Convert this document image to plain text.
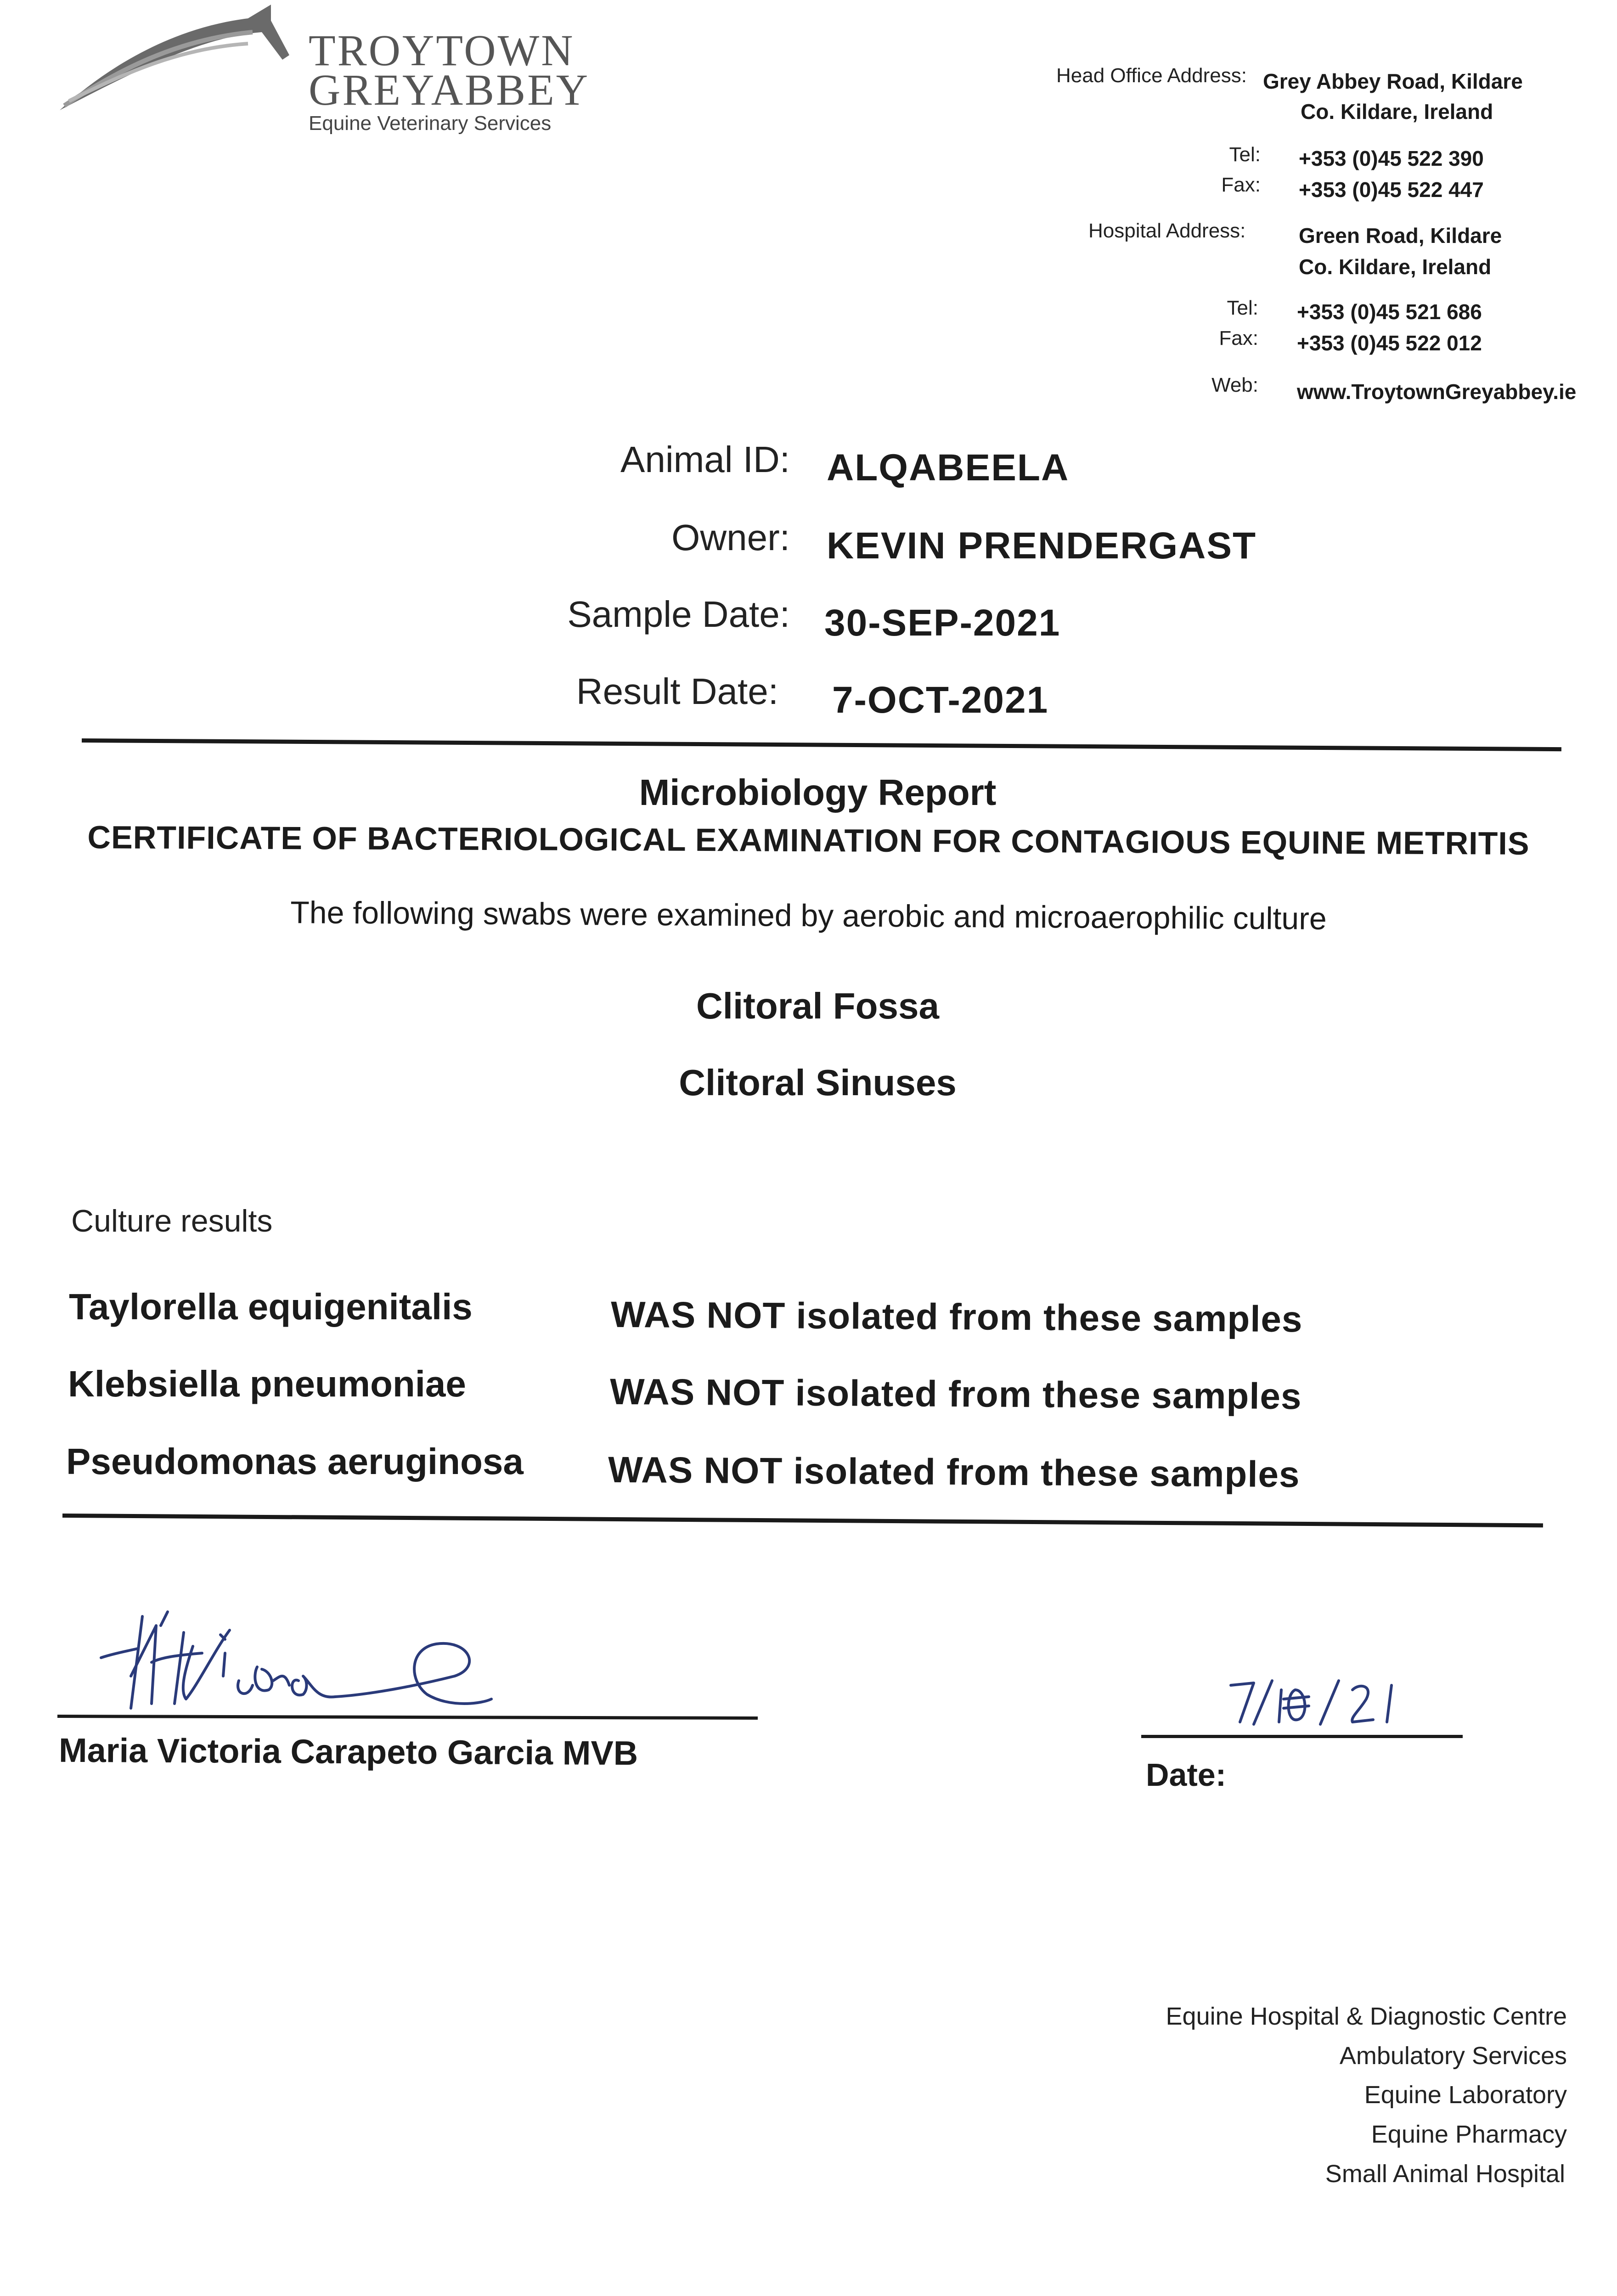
TROYTOWN
GREYABBEY
Equine Veterinary Services
Head Office Address: Grey Abbey Road, Kildare
Co. Kildare, Ireland
Tel: +353 (0)45 522 390
Fax: +353 (0)45 522 447
Hospital Address:	Green Road, Kildare
Co. Kildare, Ireland
Tel: +353 (0)45 521 686
Fax: +353 (0)45 522 012
Web: www.TroytownGreyabbey.ie
Animal ID: ALQABEELA
Owner: KEVIN PRENDERGAST
Sample Date: 30-SEP-2021
Result Date: 7-OCT-2021
Microbiology Report
CERTIFICATE OF BACTERIOLOGICAL EXAMINATION FOR CONTAGIOUS EQUINE METRITIS
The following swabs were examined by aerobic and microaerophilic culture
Clitoral Fossa
Clitoral Sinuses
Culture results
Taylorella equigenitalis	WAS NOT isolated from these samples
Klebsiella pneumoniae	WAS NOT isolated from these samples
Pseudomonas aeruginosa WAS NOT isolated from these samples
Maria Victoria Carapeto Garcia MVB
Date:
Equine Hospital & Diagnostic Centre
Ambulatory Services
Equine Laboratory
Equine Pharmacy
Small Animal Hospital
